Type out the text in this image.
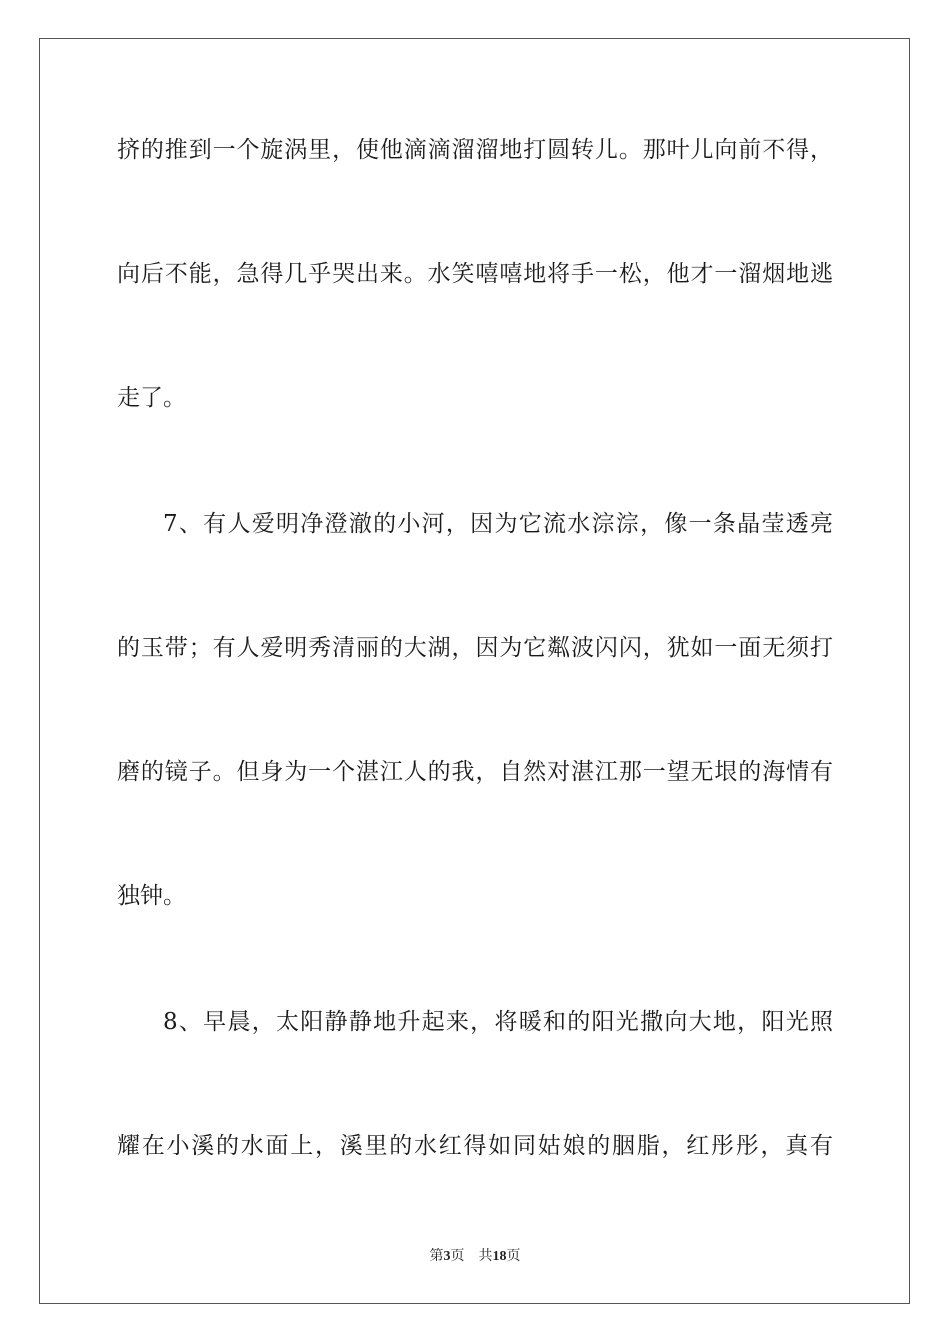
挤的推到一个旋涡里，使他滴滴溜溜地打圆转儿。那叶儿向前不得，
向后不能，急得几乎哭出来。水笑嘻嘻地将手一松，他才一溜烟地逃
走了。
7、有人爱明净澄澈的小河，因为它流水淙淙，像一条晶莹透亮
的玉带；有人爱明秀清丽的大湖，因为它粼波闪闪，犹如一面无须打
磨的镜子。但身为一个湛江人的我，自然对湛江那一望无垠的海情有
独钟。
8、早晨，太阳静静地升起来，将暖和的阳光撒向大地，阳光照
耀在小溪的水面上，溪里的水红得如同姑娘的胭脂，红彤彤，真有
第3页 共18页
